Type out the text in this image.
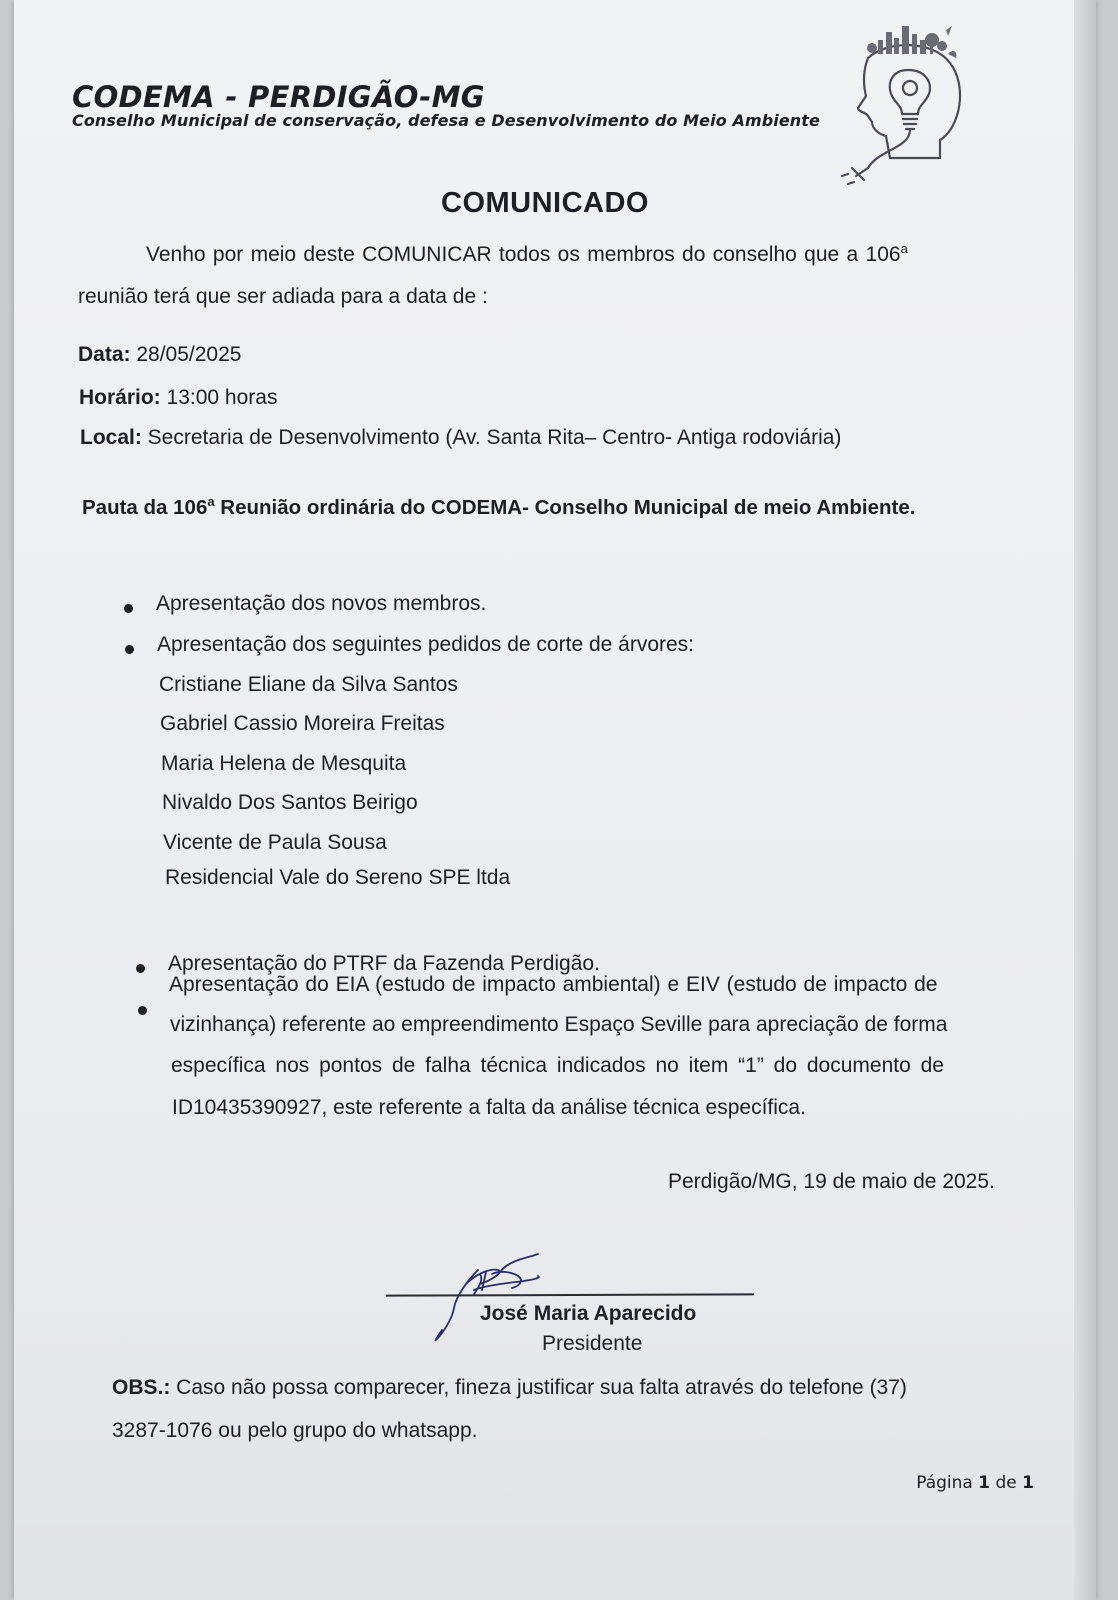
CODEMA - PERDIGÃO-MG
Conselho Municipal de conservação, defesa e Desenvolvimento do Meio Ambiente
COMUNICADO
Venho por meio deste COMUNICAR todos os membros do conselho que a 106$^a$
reunião terá que ser adiada para a data de :
Data: 28/05/2025
Horário: 13:00 horas
Local: Secretaria de Desenvolvimento (Av. Santa Rita– Centro- Antiga rodoviária)
Pauta da 106$^a$ Reunião ordinária do CODEMA- Conselho Municipal de meio Ambiente.
Apresentação dos novos membros.
Apresentação dos seguintes pedidos de corte de árvores:
Cristiane Eliane da Silva Santos
Gabriel Cassio Moreira Freitas
Maria Helena de Mesquita
Nivaldo Dos Santos Beirigo
Vicente de Paula Sousa
Residencial Vale do Sereno SPE ltda
Apresentação do PTRF da Fazenda Perdigão.
Apresentação do EIA (estudo de impacto ambiental) e EIV (estudo de impacto de
vizinhança) referente ao empreendimento Espaço Seville para apreciação de forma
específica nos pontos de falha técnica indicados no item “1” do documento de
ID10435390927, este referente a falta da análise técnica específica.
Perdigão/MG, 19 de maio de 2025.
José Maria Aparecido
Presidente
OBS.: Caso não possa comparecer, fineza justificar sua falta através do telefone (37)
3287-1076 ou pelo grupo do whatsapp.
Página 1 de 1
